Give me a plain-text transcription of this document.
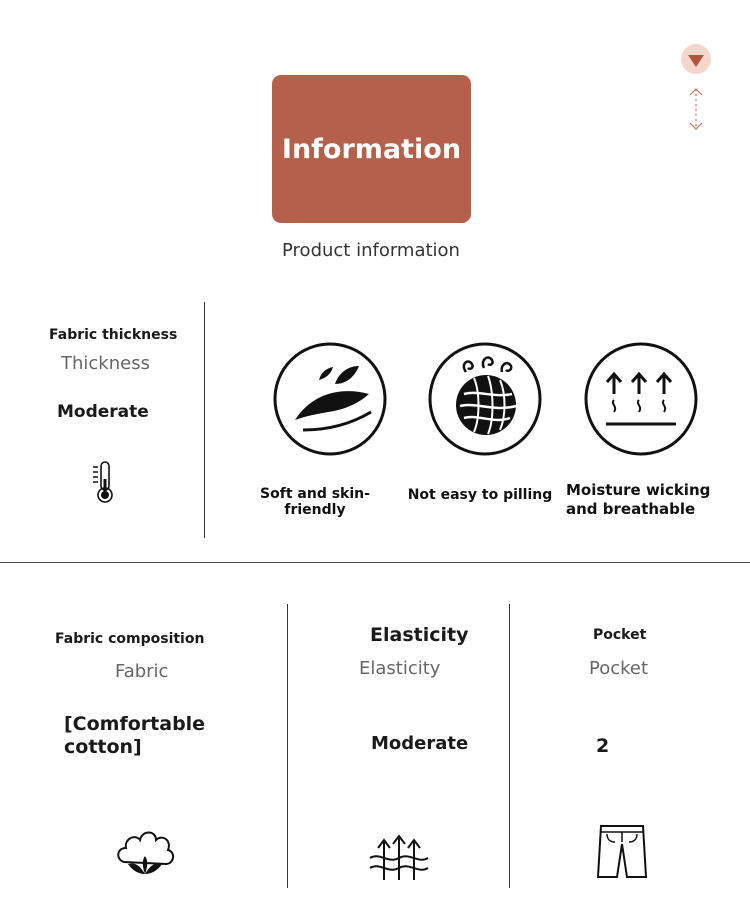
Information
Product information
Fabric thickness
Thickness
Moderate
Soft and skin-friendly
Not easy to pilling Moisture wicking
and breathable
Fabric composition
Fabric
[Comfortable
cotton]
Elasticity
Elasticity
Moderate
Pocket
Pocket
2
